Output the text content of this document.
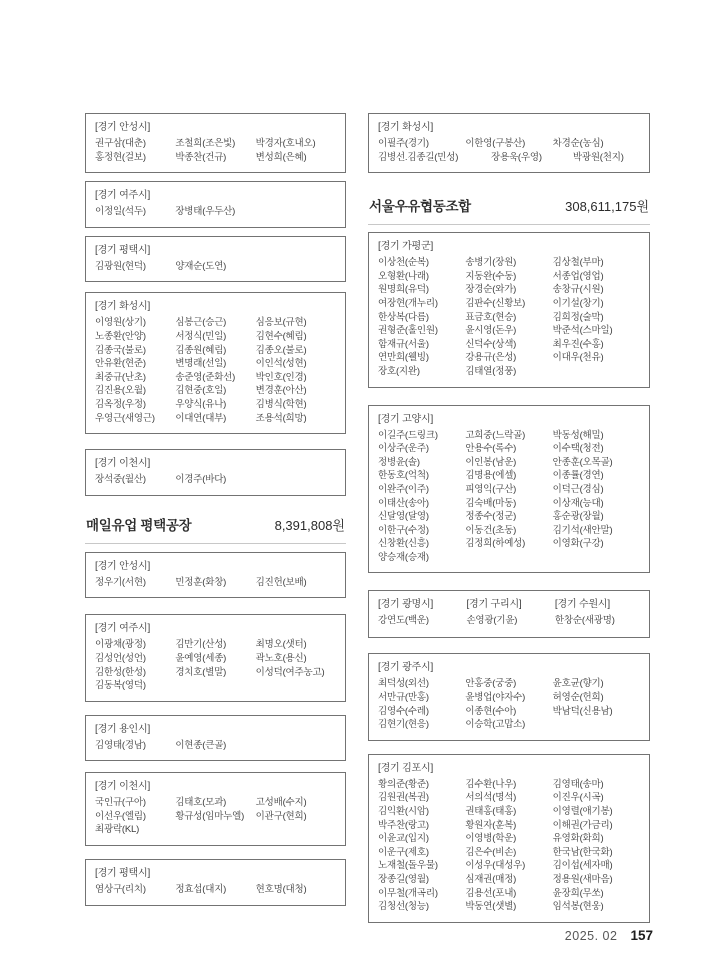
[경기 안성시]
권구삼(대춘)	조철희(조은빛)	박경자(호내오)
홍정현(걸보)	박종찬(건규)	변성희(은혜)
[경기 여주시]
이정일(석두)	장병태(우두산)
[경기 평택시]
김광원(현덕)	양재순(도연)
[경기 화성시]
이영원(상기)	심봉근(승근)	심응보(규현)
노종환(안양)	서정식(민일)	김현수(혜림)
김종국(불로)	김종원(혜림)	김종오(불로)
안유환(현준)	변명래(선일)	이인석(성현)
최중규(난초)	송준영(준화선)	박인호(인경)
김진용(오월)	김현중(호일)	변경훈(아산)
김옥정(우정)	우양식(유나)	김병식(학현)
우영근(새영근)	이대연(대부)	조용석(희망)
[경기 이천시]
장석중(월산)	이경주(바다)
매일유업 평택공장	8,391,808원
[경기 안성시]
정우기(서현)	민정훈(화창)	김진헌(보배)
[경기 여주시]
이광채(광정)	김만기(산성)	최명오(샛터)
김성언(성언)	윤예영(세종)	곽노호(용신)
김한성(한성)	경치호(별말)	이성덕(여주농고)
김동복(영덕)
[경기 용인시]
김영태(경남)	이현종(큰골)
[경기 이천시]
국인규(구아)	김태호(모과)	고성배(수지)
이선우(엘림)	황규성(임마누엘)	이관구(현희)
최광락(KL)
[경기 평택시]
염상구(리치)	정효섭(대지)	현호명(대청)
[경기 화성시]
이필주(경기)	이한영(구봉산)	차경순(농심)
김병선.김종길(민성)	장용욱(우영)	박광원(천지)
서울우유협동조합	308,611,175원
[경기 가평군]
이상천(순복)	송병기(장원)	김상철(부마)
오형환(나래)	지동완(수동)	서종업(영업)
원명희(유덕)	장경순(와가)	송창규(시원)
여장현(개누리)	김판수(신황보)	이기설(창기)
한상복(다름)	표금호(현승)	김희정(술막)
권형준(홀인원)	윤시영(돈우)	박준석(스마일)
함재규(서울)	신덕수(상색)	최우진(수홍)
연만희(웰빙)	강용규(은성)	이대우(천유)
장호(지완)	김태열(정풍)
[경기 고양시]
이길주(드링크)	고희중(느락골)	박동성(해밀)
이상주(운주)	안용수(록수)	이수택(청전)
정병윤(솔)	이인봉(남운)	안종훈(오목골)
한동호(억척)	김명용(에셀)	이종률(경연)
이완주(이주)	피영익(구산)	이덕근(경심)
이태산(송아)	김숙배(마동)	이상재(능대)
신달영(달영)	정종수(정군)	홍순광(장월)
이한구(수정)	이동건(초동)	김기석(새안말)
신창환(신흥)	김정희(하예성)	이영화(구강)
양승재(승재)
[경기 광명시]
강연도(백운)
[경기 구리시]
손영광(기윤)
[경기 수원시]
한창순(새광명)
[경기 광주시]
최덕성(외선)	안홍중(궁중)	윤호균(향기)
서만규(만홍)	윤병업(야자수)	허영순(헌희)
김영수(수레)	이종현(수아)	박남덕(신용남)
김현기(현응)	이승학(고맙소)
[경기 김포시]
황의준(황준)	김수환(나우)	김영태(송마)
김원권(복권)	서의석(명석)	이진우(시곡)
김익환(시암)	권태홍(태홍)	이영렬(애기봉)
박주찬(랑고)	황원자(훈복)	이해권(가금리)
이윤교(입지)	이영병(학운)	유영화(화희)
이운구(제호)	김은수(비손)	한국남(한국화)
노재철(돌우물)	이성우(대성우)	김이섭(세자매)
장종길(영월)	심재권(매정)	정용원(새마음)
이무철(개곡리)	김용선(포내)	윤장희(무쏘)
김청선(청능)	박동연(샛별)	임석봉(현웅)
2025. 02 157
